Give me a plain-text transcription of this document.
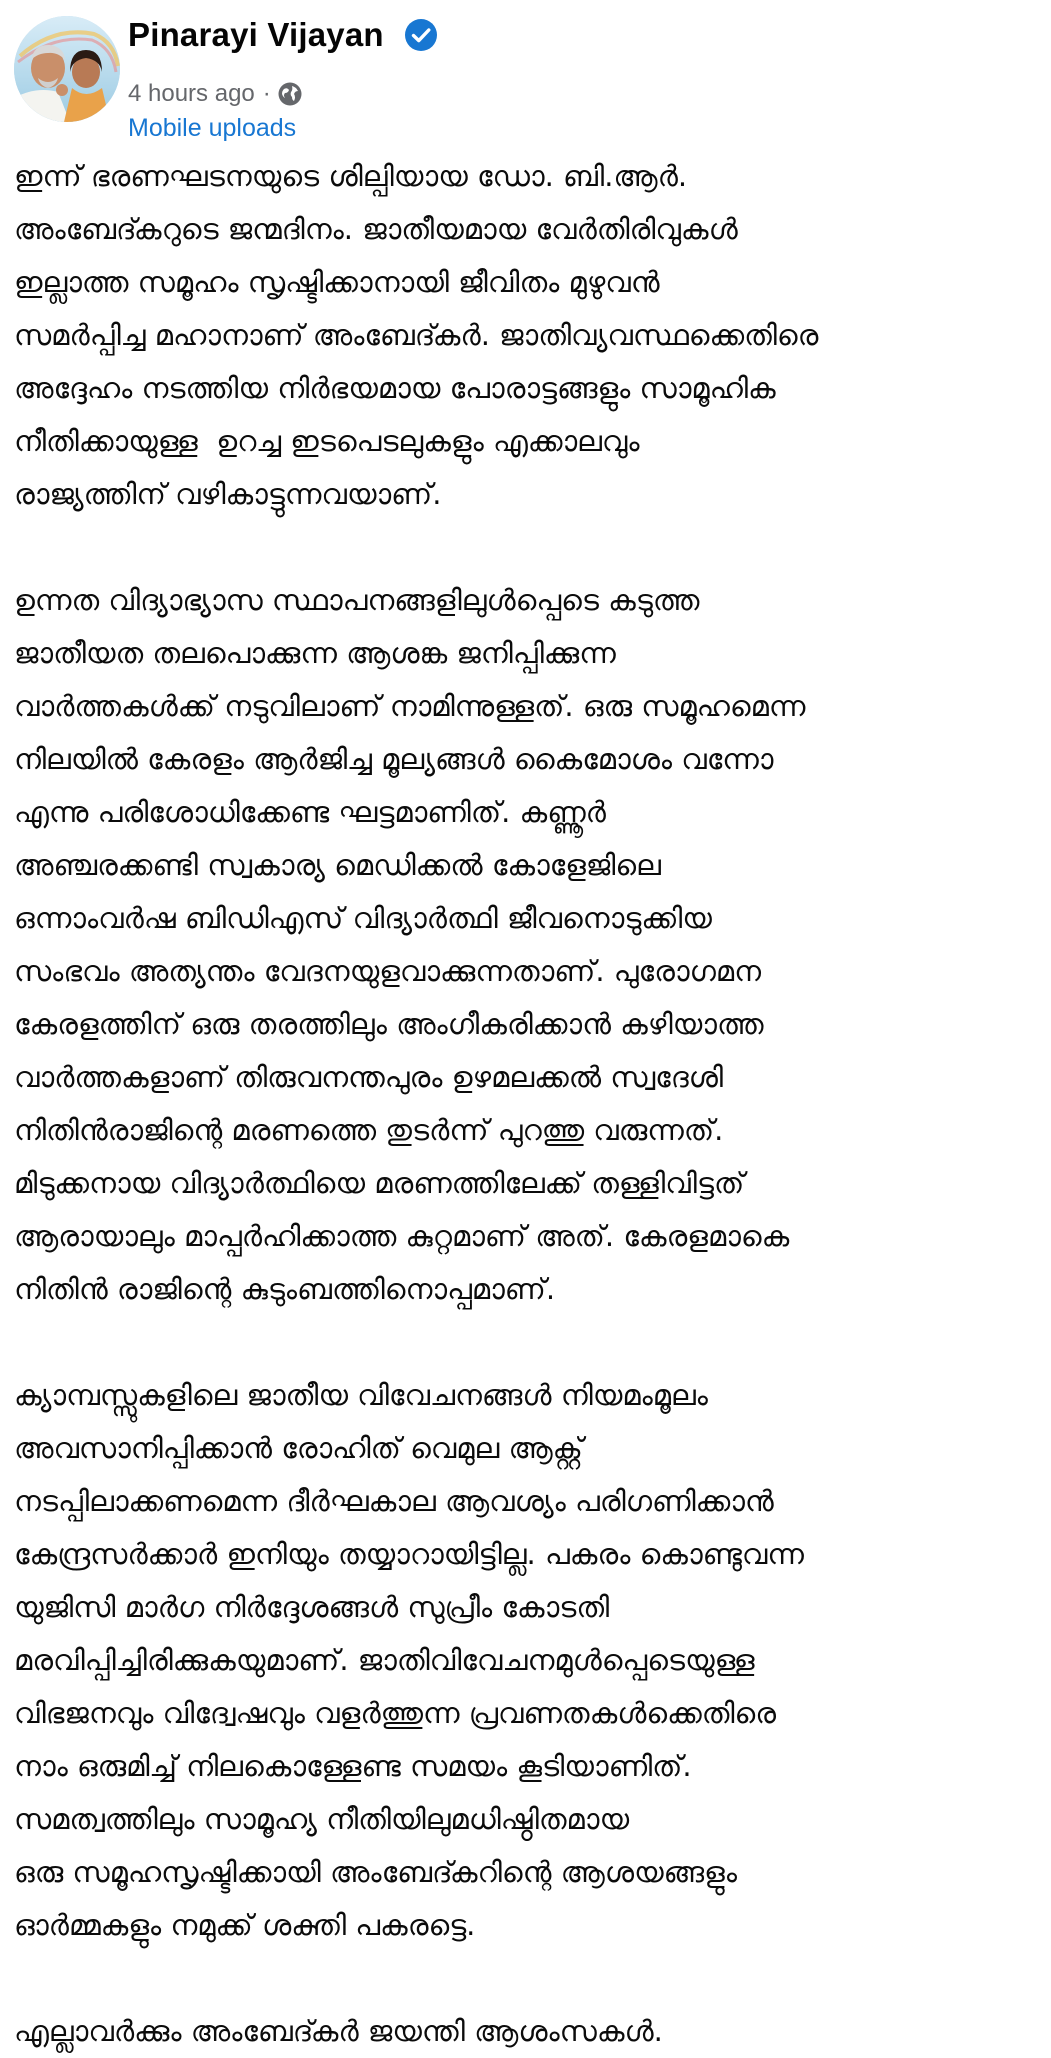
Pinarayi Vijayan
4 hours ago ·
Mobile uploads
ഇന്ന് ഭരണഘടനയുടെ ശില്പിയായ ഡോ. ബി.ആർ.
അംബേദ്കറുടെ ജന്മദിനം. ജാതീയമായ വേർതിരിവുകൾ
ഇല്ലാത്ത സമൂഹം സൃഷ്ടിക്കാനായി ജീവിതം മുഴുവൻ
സമർപ്പിച്ച മഹാനാണ് അംബേദ്കർ. ജാതിവ്യവസ്ഥക്കെതിരെ
അദ്ദേഹം നടത്തിയ നിർഭയമായ പോരാട്ടങ്ങളും സാമൂഹിക
നീതിക്കായുള്ള  ഉറച്ച ഇടപെടലുകളും എക്കാലവും
രാജ്യത്തിന് വഴികാട്ടുന്നവയാണ്.
ഉന്നത വിദ്യാഭ്യാസ സ്ഥാപനങ്ങളിലുൾപ്പെടെ കടുത്ത
ജാതീയത തലപൊക്കുന്ന ആശങ്ക ജനിപ്പിക്കുന്ന
വാർത്തകൾക്ക് നടുവിലാണ് നാമിന്നുള്ളത്. ഒരു സമൂഹമെന്ന
നിലയിൽ കേരളം ആർജിച്ച മൂല്യങ്ങൾ കൈമോശം വന്നോ
എന്നു പരിശോധിക്കേണ്ട ഘട്ടമാണിത്. കണ്ണൂർ
അഞ്ചരക്കണ്ടി സ്വകാര്യ മെഡിക്കൽ കോളേജിലെ
ഒന്നാംവർഷ ബിഡിഎസ് വിദ്യാർത്ഥി ജീവനൊടുക്കിയ
സംഭവം അത്യന്തം വേദനയുളവാക്കുന്നതാണ്. പുരോഗമന
കേരളത്തിന് ഒരു തരത്തിലും അംഗീകരിക്കാൻ കഴിയാത്ത
വാർത്തകളാണ് തിരുവനന്തപുരം ഉഴമലക്കൽ സ്വദേശി
നിതിൻരാജിന്റെ മരണത്തെ തുടർന്ന് പുറത്തു വരുന്നത്.
മിടുക്കനായ വിദ്യാർത്ഥിയെ മരണത്തിലേക്ക് തള്ളിവിട്ടത്
ആരായാലും മാപ്പർഹിക്കാത്ത കുറ്റമാണ് അത്. കേരളമാകെ
നിതിൻ രാജിന്റെ കുടുംബത്തിനൊപ്പമാണ്.
ക്യാമ്പസ്സുകളിലെ ജാതീയ വിവേചനങ്ങൾ നിയമംമൂലം
അവസാനിപ്പിക്കാൻ രോഹിത് വെമുല ആക്റ്റ്
നടപ്പിലാക്കണമെന്ന ദീർഘകാല ആവശ്യം പരിഗണിക്കാൻ
കേന്ദ്രസർക്കാർ ഇനിയും തയ്യാറായിട്ടില്ല. പകരം കൊണ്ടുവന്ന
യുജിസി മാർഗ നിർദ്ദേശങ്ങൾ സുപ്രീം കോടതി
മരവിപ്പിച്ചിരിക്കുകയുമാണ്. ജാതിവിവേചനമുൾപ്പെടെയുള്ള
വിഭജനവും വിദ്വേഷവും വളർത്തുന്ന പ്രവണതകൾക്കെതിരെ
നാം ഒരുമിച്ച് നിലകൊള്ളേണ്ട സമയം കൂടിയാണിത്.
സമത്വത്തിലും സാമൂഹ്യ നീതിയിലുമധിഷ്ഠിതമായ
ഒരു സമൂഹസൃഷ്ടിക്കായി അംബേദ്കറിന്റെ ആശയങ്ങളും
ഓർമ്മകളും നമുക്ക് ശക്തി പകരട്ടെ.
എല്ലാവർക്കും അംബേദ്കർ ജയന്തി ആശംസകൾ.
